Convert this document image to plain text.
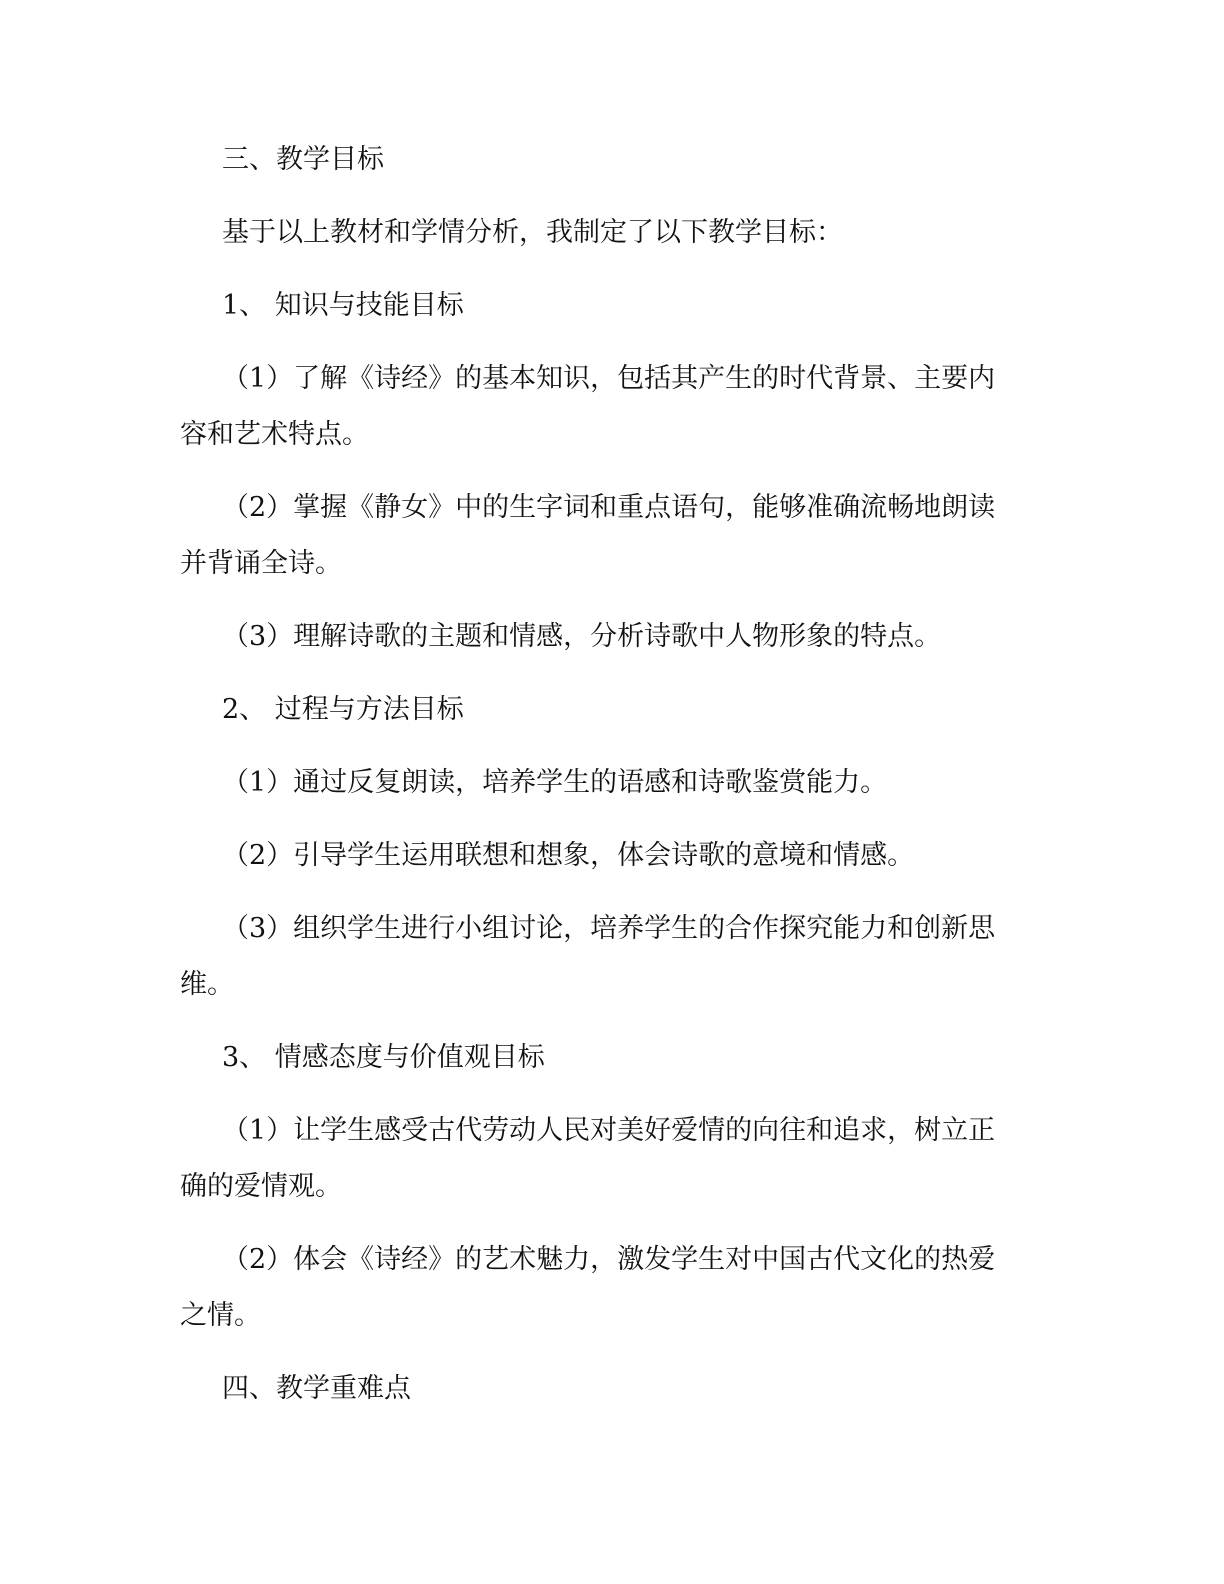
三、教学目标

基于以上教材和学情分析，我制定了以下教学目标：

1、 知识与技能目标

（1）了解《诗经》的基本知识，包括其产生的时代背景、主要内容和艺术特点。

（2）掌握《静女》中的生字词和重点语句，能够准确流畅地朗读并背诵全诗。

（3）理解诗歌的主题和情感，分析诗歌中人物形象的特点。

2、 过程与方法目标

（1）通过反复朗读，培养学生的语感和诗歌鉴赏能力。

（2）引导学生运用联想和想象，体会诗歌的意境和情感。

（3）组织学生进行小组讨论，培养学生的合作探究能力和创新思维。

3、 情感态度与价值观目标

（1）让学生感受古代劳动人民对美好爱情的向往和追求，树立正确的爱情观。

（2）体会《诗经》的艺术魅力，激发学生对中国古代文化的热爱之情。

四、教学重难点
